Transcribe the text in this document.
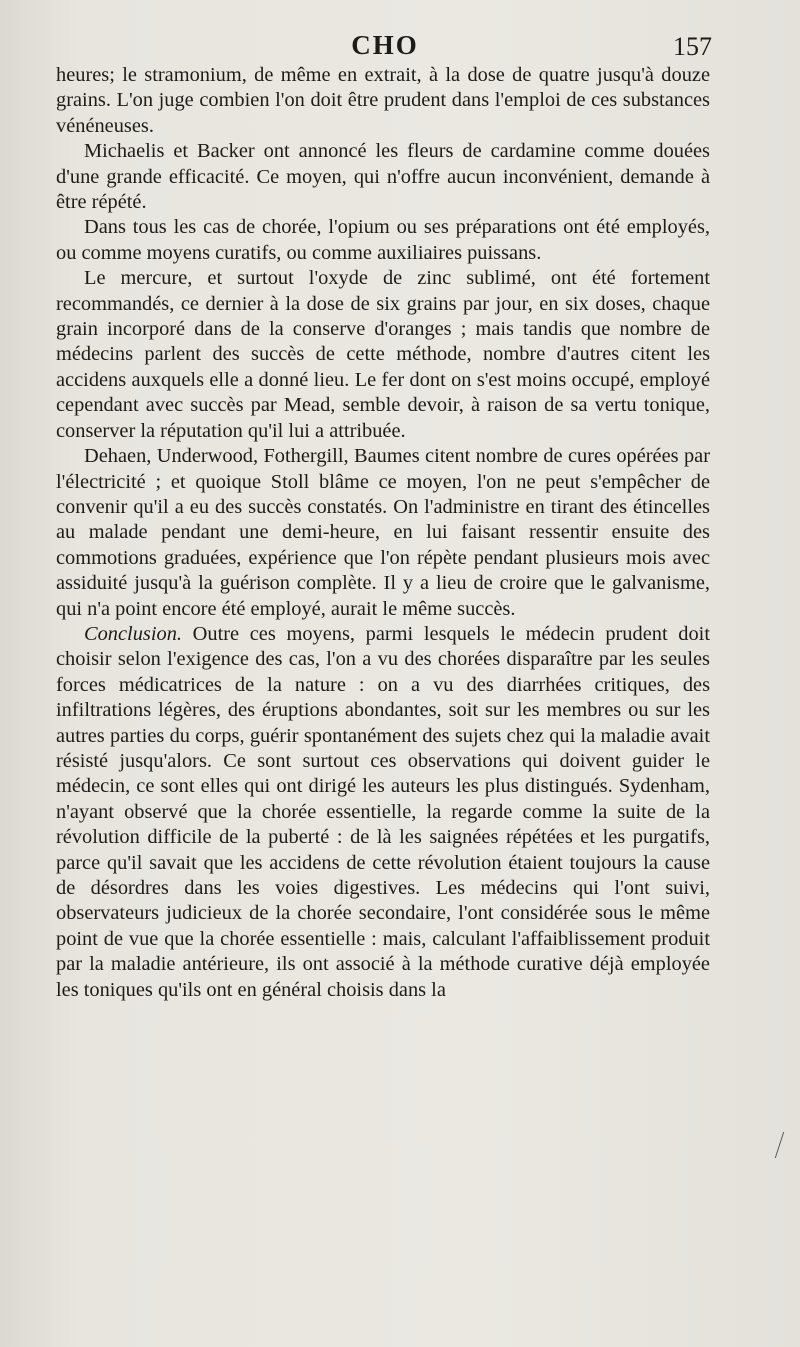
CHO	157

heures; le stramonium, de même en extrait, à la dose de quatre jusqu'à douze grains. L'on juge combien l'on doit être prudent dans l'emploi de ces substances vénéneuses.

Michaelis et Backer ont annoncé les fleurs de cardamine comme douées d'une grande efficacité. Ce moyen, qui n'offre aucun inconvénient, demande à être répété.

Dans tous les cas de chorée, l'opium ou ses préparations ont été employés, ou comme moyens curatifs, ou comme auxiliaires puissans.

Le mercure, et surtout l'oxyde de zinc sublimé, ont été fortement recommandés, ce dernier à la dose de six grains par jour, en six doses, chaque grain incorporé dans de la conserve d'oranges ; mais tandis que nombre de médecins parlent des succès de cette méthode, nombre d'autres citent les accidens auxquels elle a donné lieu. Le fer dont on s'est moins occupé, employé cependant avec succès par Mead, semble devoir, à raison de sa vertu tonique, conserver la réputation qu'il lui a attribuée.

Dehaen, Underwood, Fothergill, Baumes citent nombre de cures opérées par l'électricité ; et quoique Stoll blâme ce moyen, l'on ne peut s'empêcher de convenir qu'il a eu des succès constatés. On l'administre en tirant des étincelles au malade pendant une demi-heure, en lui faisant ressentir ensuite des commotions graduées, expérience que l'on répète pendant plusieurs mois avec assiduité jusqu'à la guérison complète. Il y a lieu de croire que le galvanisme, qui n'a point encore été employé, aurait le même succès.

Conclusion. Outre ces moyens, parmi lesquels le médecin prudent doit choisir selon l'exigence des cas, l'on a vu des chorées disparaître par les seules forces médicatrices de la nature : on a vu des diarrhées critiques, des infiltrations légères, des éruptions abondantes, soit sur les membres ou sur les autres parties du corps, guérir spontanément des sujets chez qui la maladie avait résisté jusqu'alors. Ce sont surtout ces observations qui doivent guider le médecin, ce sont elles qui ont dirigé les auteurs les plus distingués. Sydenham, n'ayant observé que la chorée essentielle, la regarde comme la suite de la révolution difficile de la puberté : de là les saignées répétées et les purgatifs, parce qu'il savait que les accidens de cette révolution étaient toujours la cause de désordres dans les voies digestives. Les médecins qui l'ont suivi, observateurs judicieux de la chorée secondaire, l'ont considérée sous le même point de vue que la chorée essentielle : mais, calculant l'affaiblissement produit par la maladie antérieure, ils ont associé à la méthode curative déjà employée les toniques qu'ils ont en général choisis dans la
